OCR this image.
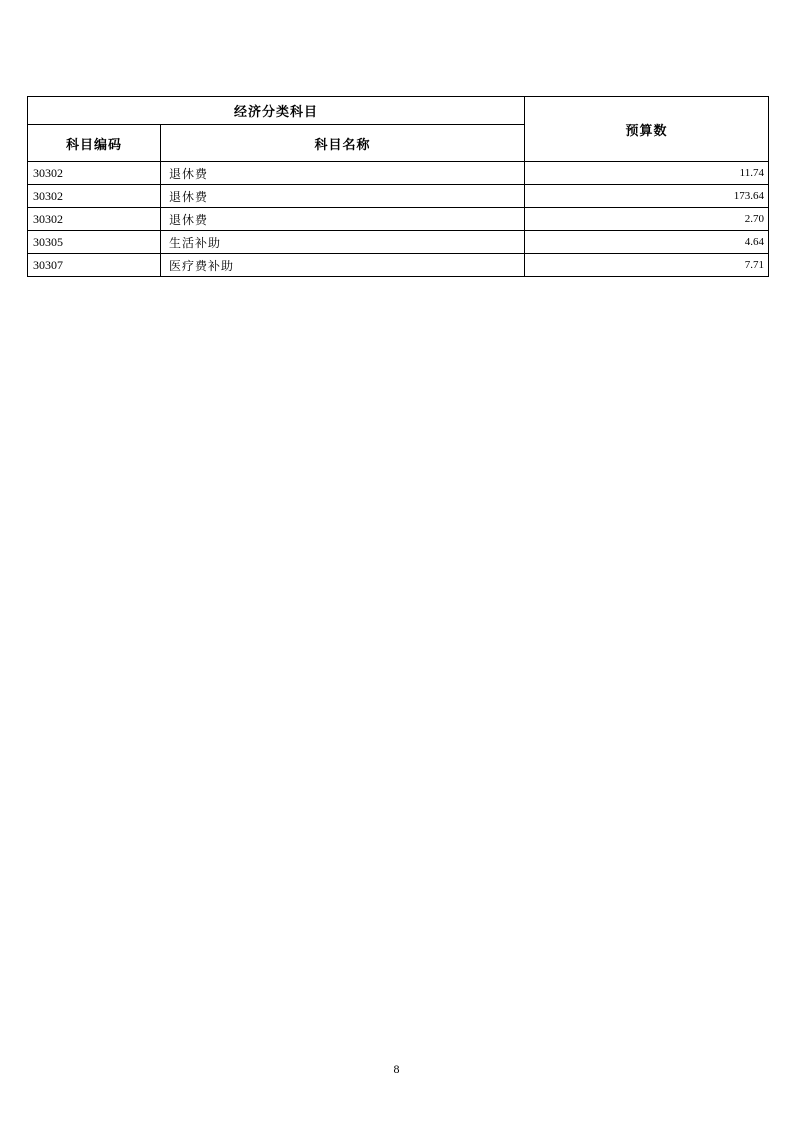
经济分类科目		预算数
科目编码	科目名称	
30302	退休费	11.74
30302	退休费	173.64
30302	退休费	2.70
30305	生活补助	4.64
30307	医疗费补助	7.71
8
